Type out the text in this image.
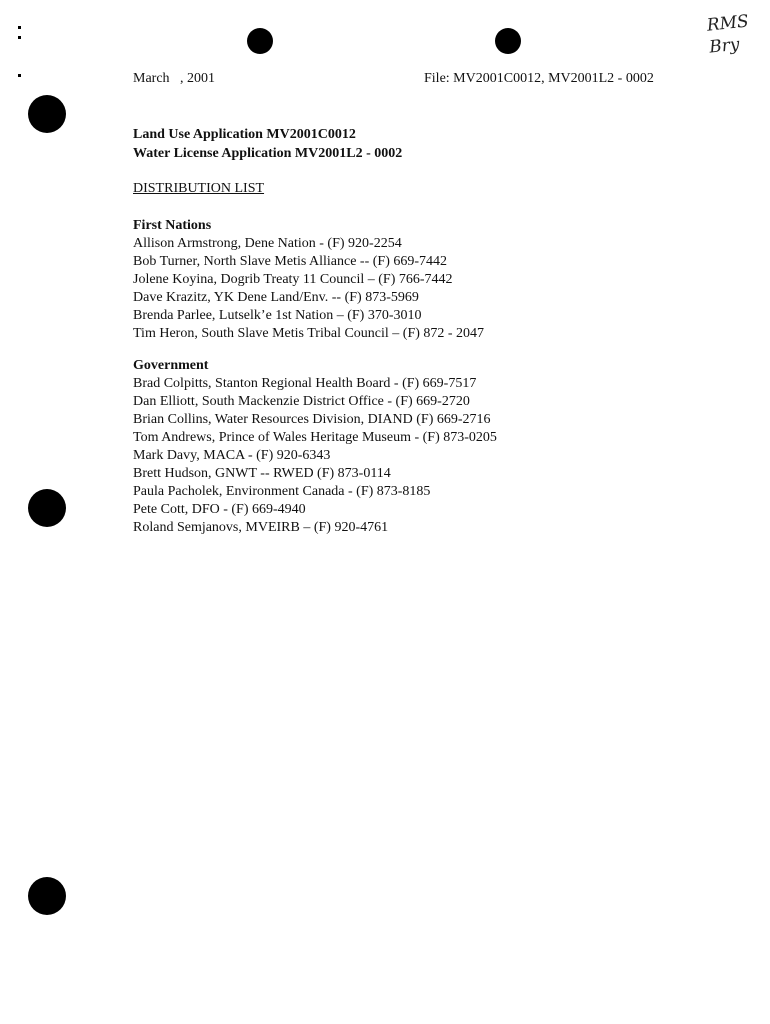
RMS
Bry
March   , 2001	File: MV2001C0012, MV2001L2 - 0002
Land Use Application MV2001C0012
Water License Application MV2001L2 - 0002
DISTRIBUTION LIST
First Nations
Allison Armstrong, Dene Nation - (F) 920-2254
Bob Turner, North Slave Metis Alliance -- (F) 669-7442
Jolene Koyina, Dogrib Treaty 11 Council – (F) 766-7442
Dave Krazitz, YK Dene Land/Env. -- (F) 873-5969
Brenda Parlee, Lutselk’e 1st Nation – (F) 370-3010
Tim Heron, South Slave Metis Tribal Council – (F) 872 - 2047
Government
Brad Colpitts, Stanton Regional Health Board - (F) 669-7517
Dan Elliott, South Mackenzie District Office - (F) 669-2720
Brian Collins, Water Resources Division, DIAND (F) 669-2716
Tom Andrews, Prince of Wales Heritage Museum - (F) 873-0205
Mark Davy, MACA - (F) 920-6343
Brett Hudson, GNWT -- RWED (F) 873-0114
Paula Pacholek, Environment Canada - (F) 873-8185
Pete Cott, DFO - (F) 669-4940
Roland Semjanovs, MVEIRB – (F) 920-4761
